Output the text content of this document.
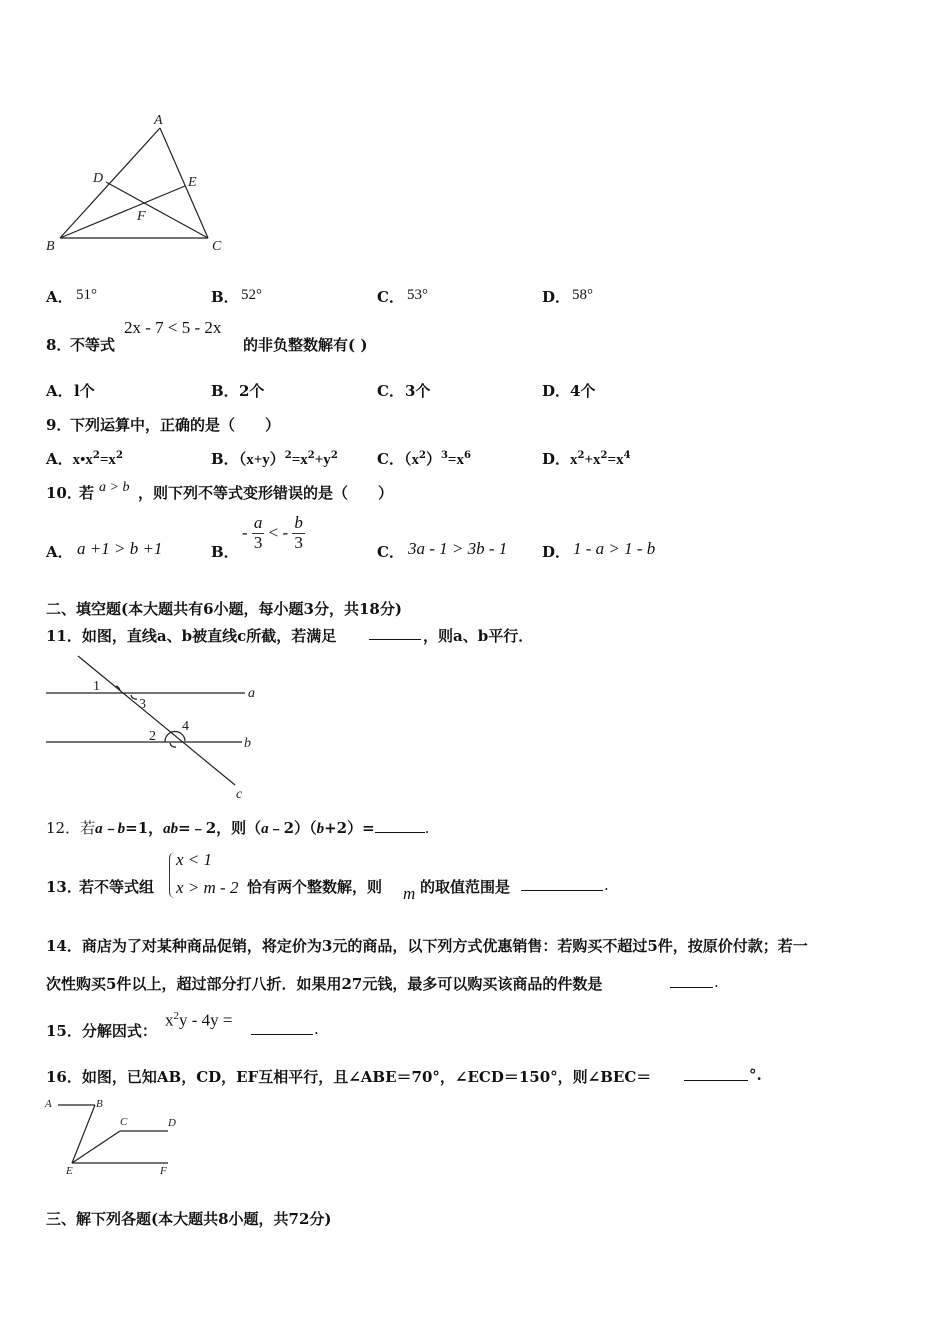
A
D	E
F
B	C
A． 51°	B． 52°	C． 53°	D． 58°
8．
不等式
2x - 7 < 5 - 2x
的非负整数解有( )
A． l个	B． 2个	C． 3个	D． 4个
9．
下列运算中，正确的是（　　）
A．$x•x^2=x^2$	B．$(x+y)^2=x^2+y^2$	C．$(x^2)^3=x^6$	D．$x^2+x^2=x^4$
10．
若 a > b ，则下列不等式变形错误的是（　　）
A． a +1 > b +1	B．
- $\frac{a}{3}$ < - $\frac{b}{3}$	C． 3a - 1 > 3b - 1 D． 1 - a > 1 - b
二、填空题(本大题共有6小题，每小题3分，共18分)
11．如图，直线a、b被直线c所截，若满足	，则a、b平行．
1
3
4
2
a
b
c
12．若a﹣b=1，ab=﹣2，则（a﹣2）（b+2）=	.
13．
若不等式组
x < 1
x > m - 2 恰有两个整数解，则 m 的取值范围是	.
14．商店为了对某种商品促销，将定价为3元的商品，以下列方式优惠销售：若购买不超过5件，按原价付款；若一
次性购买5件以上，超过部分打八折．如果用27元钱，最多可以购买该商品的件数是	.
15．分解因式：
$x^2y - 4y$ =	.
16．如图，已知AB，CD，EF互相平行，且∠ABE＝70°，∠ECD＝150°，则∠BEC＝	°.
A	B
C	D
E	F
三、解下列各题(本大题共8小题，共72分)
